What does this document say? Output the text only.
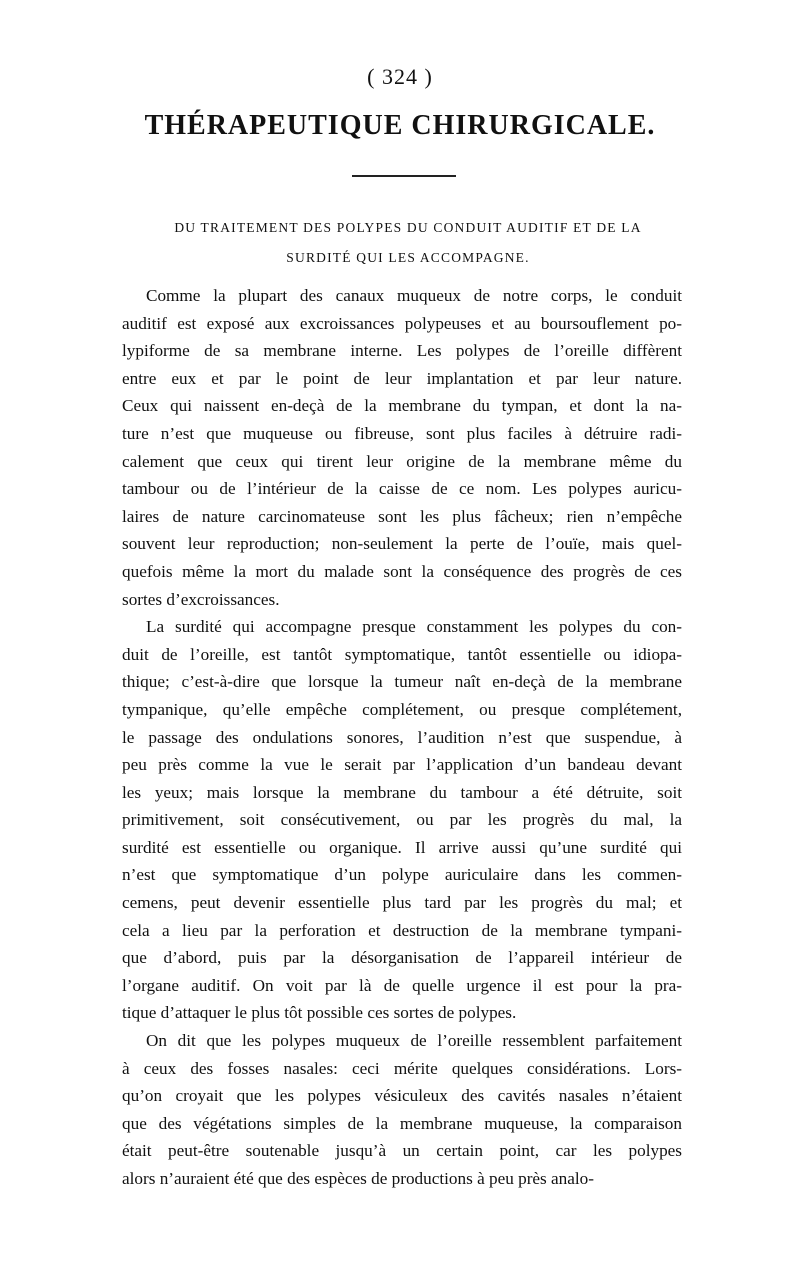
( 324 )
THÉRAPEUTIQUE CHIRURGICALE.
DU TRAITEMENT DES POLYPES DU CONDUIT AUDITIF ET DE LA
SURDITÉ QUI LES ACCOMPAGNE.
Comme la plupart des canaux muqueux de notre corps, le conduit
auditif est exposé aux excroissances polypeuses et au boursouflement po-
lypiforme de sa membrane interne. Les polypes de l’oreille diffèrent
entre eux et par le point de leur implantation et par leur nature.
Ceux qui naissent en-deçà de la membrane du tympan, et dont la na-
ture n’est que muqueuse ou fibreuse, sont plus faciles à détruire radi-
calement que ceux qui tirent leur origine de la membrane même du
tambour ou de l’intérieur de la caisse de ce nom. Les polypes auricu-
laires de nature carcinomateuse sont les plus fâcheux; rien n’empêche
souvent leur reproduction; non-seulement la perte de l’ouïe, mais quel-
quefois même la mort du malade sont la conséquence des progrès de ces
sortes d’excroissances.
La surdité qui accompagne presque constamment les polypes du con-
duit de l’oreille, est tantôt symptomatique, tantôt essentielle ou idiopa-
thique; c’est-à-dire que lorsque la tumeur naît en-deçà de la membrane
tympanique, qu’elle empêche complétement, ou presque complétement,
le passage des ondulations sonores, l’audition n’est que suspendue, à
peu près comme la vue le serait par l’application d’un bandeau devant
les yeux; mais lorsque la membrane du tambour a été détruite, soit
primitivement, soit consécutivement, ou par les progrès du mal, la
surdité est essentielle ou organique. Il arrive aussi qu’une surdité qui
n’est que symptomatique d’un polype auriculaire dans les commen-
cemens, peut devenir essentielle plus tard par les progrès du mal; et
cela a lieu par la perforation et destruction de la membrane tympani-
que d’abord, puis par la désorganisation de l’appareil intérieur de
l’organe auditif. On voit par là de quelle urgence il est pour la pra-
tique d’attaquer le plus tôt possible ces sortes de polypes.
On dit que les polypes muqueux de l’oreille ressemblent parfaitement
à ceux des fosses nasales: ceci mérite quelques considérations. Lors-
qu’on croyait que les polypes vésiculeux des cavités nasales n’étaient
que des végétations simples de la membrane muqueuse, la comparaison
était peut-être soutenable jusqu’à un certain point, car les polypes
alors n’auraient été que des espèces de productions à peu près analo-
